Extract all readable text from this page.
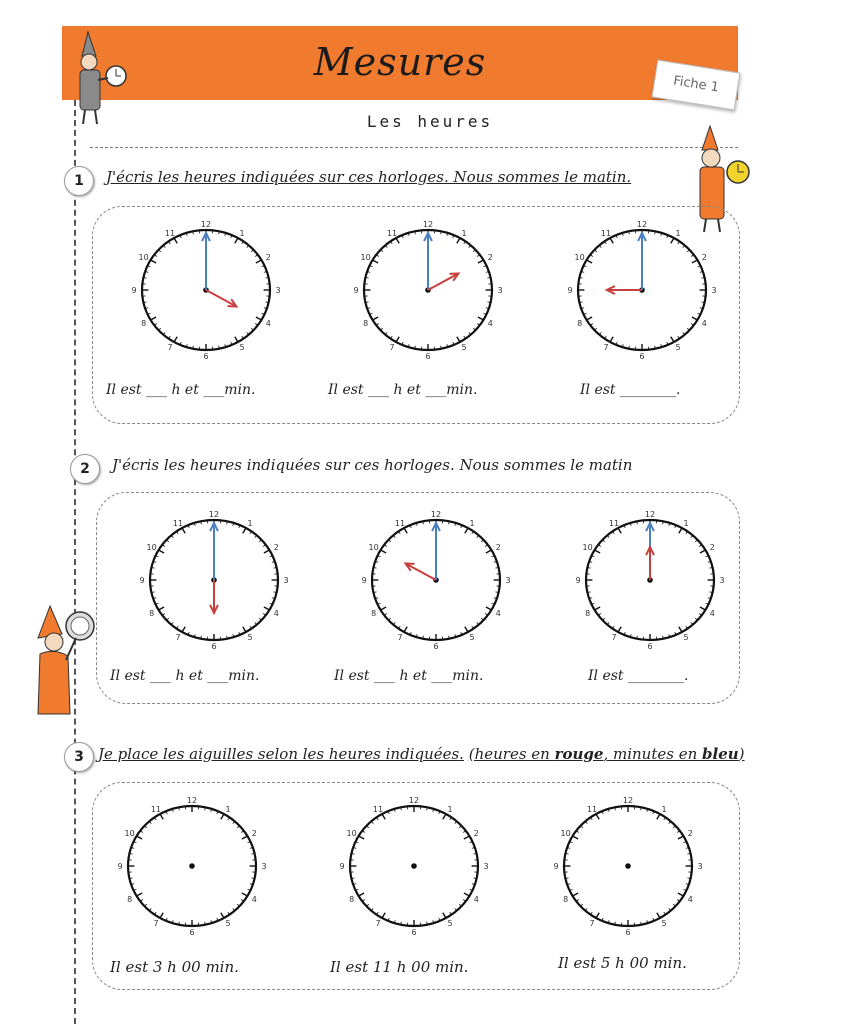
Mesures
Fiche 1
Les heures
1	J'écris les heures indiquées sur ces horloges. Nous sommes le matin.
1
2
3
4
5
6
7
8
9
10
11
12
1
2
3
4
5
6
7
8
9
10
11
12
1
2
3
4
5
6
7
8
9
10
11
12
Il est ___ h et ___min.	Il est ___ h et ___min.	Il est ________.
2	J'écris les heures indiquées sur ces horloges. Nous sommes le matin
1
2
3
4
5
6
7
8
9
10
11
12
1
2
3
4
5
6
7
8
9
10
11
12
1
2
3
4
5
6
7
8
9
10
11
12
Il est ___ h et ___min.	Il est ___ h et ___min.	Il est ________.
3 Je place les aiguilles selon les heures indiquées. (heures en rouge, minutes en bleu)
1
2
3
4
5
6
7
8
9
10
11
12
1
2
3
4
5
6
7
8
9
10
11
12
1
2
3
4
5
6
7
8
9
10
11
12
Il est 3 h 00 min.	Il est 11 h 00 min.	Il est 5 h 00 min.
